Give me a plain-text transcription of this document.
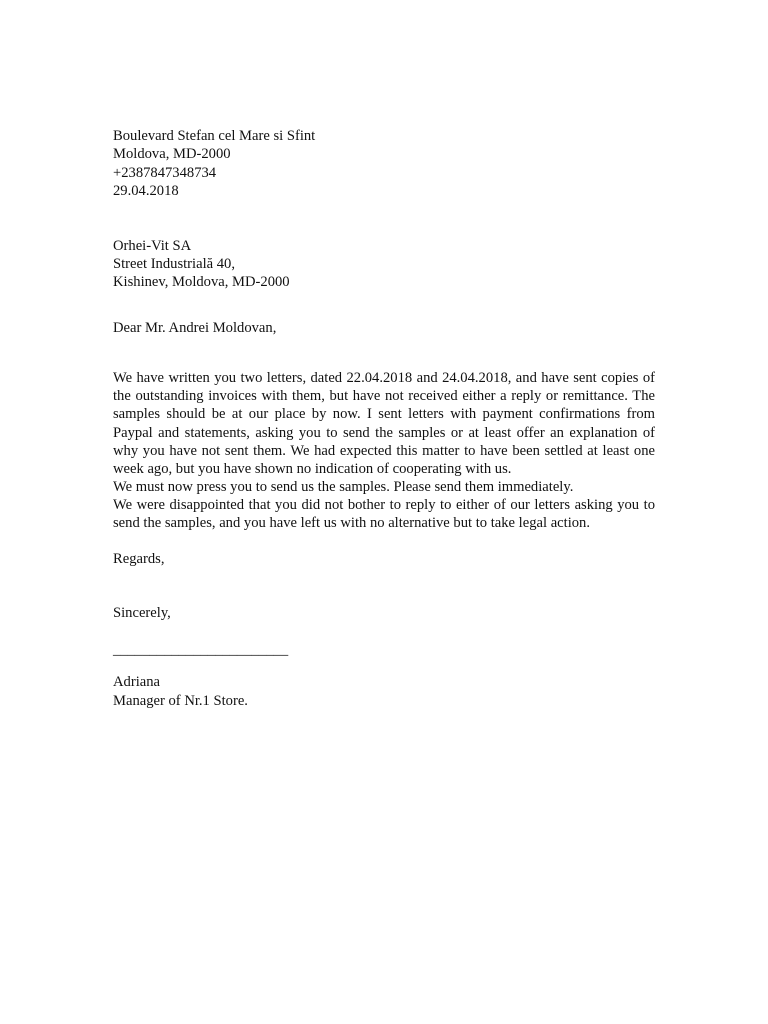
Boulevard Stefan cel Mare si Sfint
Moldova, MD-2000
+2387847348734
29.04.2018
Orhei-Vit SA
Street Industrială 40,
Kishinev, Moldova, MD-2000
Dear Mr. Andrei Moldovan,

We have written you two letters, dated 22.04.2018 and 24.04.2018, and have sent copies of the outstanding invoices with them, but have not received either a reply or remittance. The samples should be at our place by now. I sent letters with payment confirmations from Paypal and statements, asking you to send the samples or at least offer an explanation of why you have not sent them. We had expected this matter to have been settled at least one week ago, but you have shown no indication of cooperating with us.

We must now press you to send us the samples. Please send them immediately.

We were disappointed that you did not bother to reply to either of our letters asking you to send the samples, and you have left us with no alternative but to take legal action.

Regards,
Sincerely,
________________________
Adriana
Manager of Nr.1 Store.
